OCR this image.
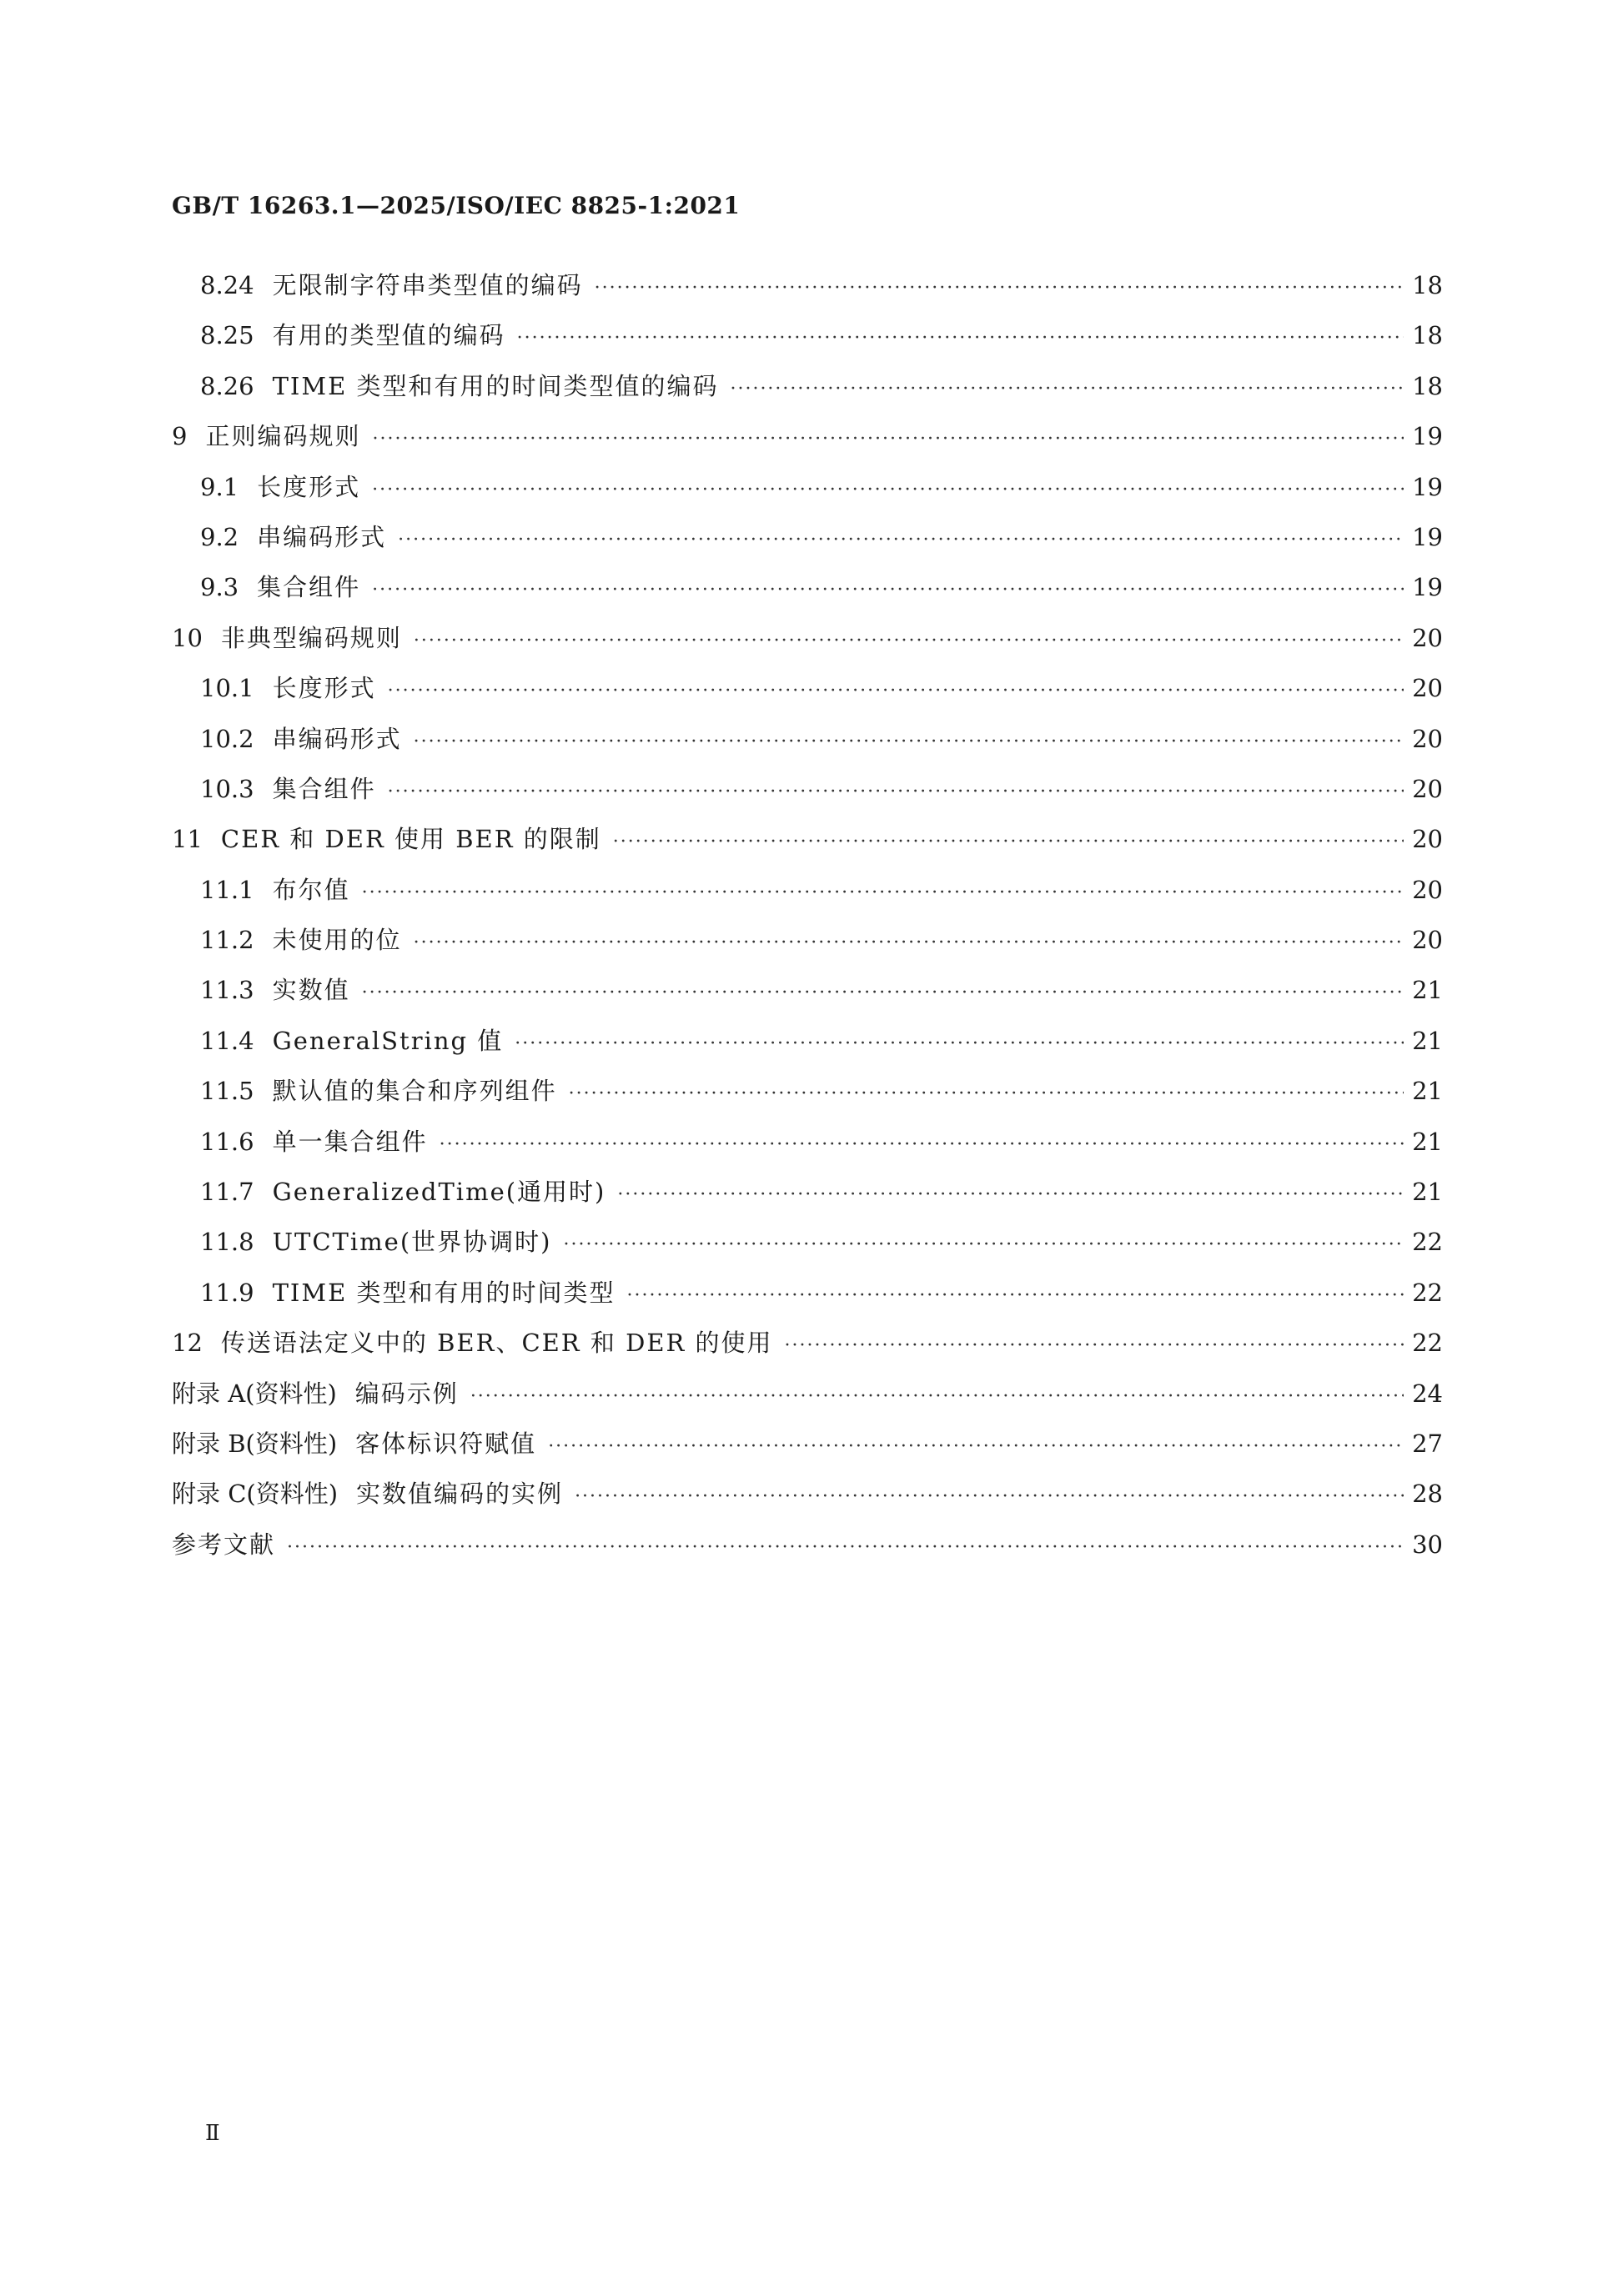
GB/T 16263.1—2025/ISO/IEC 8825-1:2021
8.24 无限制字符串类型值的编码 ·····	18
8.25 有用的类型值的编码 ·····	18
8.26 TIME 类型和有用的时间类型值的编码 ·····	18
9 正则编码规则 ·····	19
9.1 长度形式 ·····	19
9.2 串编码形式 ·····	19
9.3 集合组件 ·····	19
10 非典型编码规则 ·····	20
10.1 长度形式 ·····	20
10.2 串编码形式 ·····	20
10.3 集合组件 ·····	20
11 CER 和 DER 使用 BER 的限制 ·····	20
11.1 布尔值 ·····	20
11.2 未使用的位 ·····	20
11.3 实数值 ·····	21
11.4 GeneralString 值 ·····	21
11.5 默认值的集合和序列组件 ·····	21
11.6 单一集合组件 ·····	21
11.7 GeneralizedTime(通用时) ·····	21
11.8 UTCTime(世界协调时) ·····	22
11.9 TIME 类型和有用的时间类型 ·····	22
12 传送语法定义中的 BER、CER 和 DER 的使用 ·····	22
附录 A(资料性) 编码示例 ·····	24
附录 B(资料性) 客体标识符赋值 ·····	27
附录 C(资料性) 实数值编码的实例 ·····	28
参考文献 ·····	30
Ⅱ
